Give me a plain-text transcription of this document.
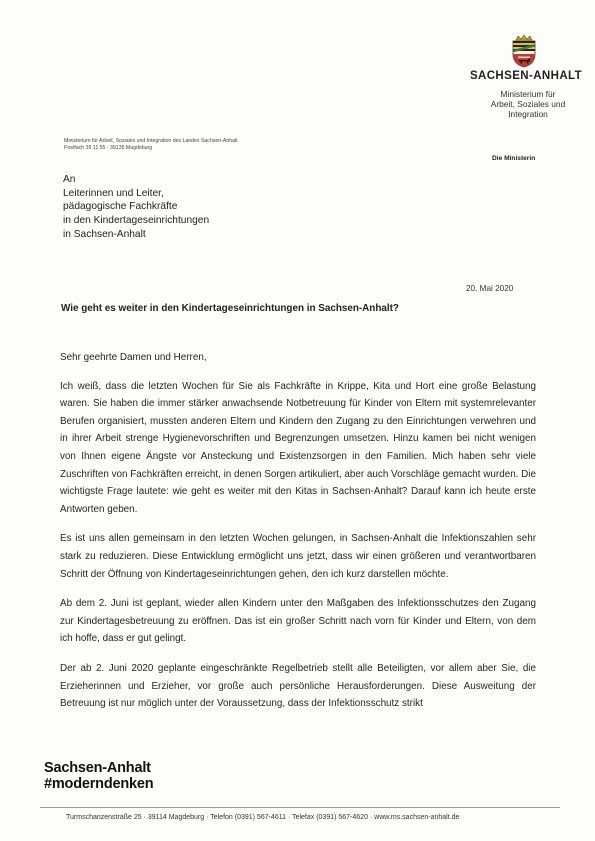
SACHSEN-ANHALT
Ministerium für
Arbeit, Soziales und
Integration
Ministerium für Arbeit, Soziales und Integration des Landes Sachsen-Anhalt
Postfach 39 11 55 · 39135 Magdeburg
Die Ministerin
An
Leiterinnen und Leiter,
pädagogische Fachkräfte
in den Kindertageseinrichtungen
in Sachsen-Anhalt
20. Mai 2020
Wie geht es weiter in den Kindertageseinrichtungen in Sachsen-Anhalt?

Sehr geehrte Damen und Herren,

Ich weiß, dass die letzten Wochen für Sie als Fachkräfte in Krippe, Kita und Hort eine große Belastung waren. Sie haben die immer stärker anwachsende Notbetreuung für Kinder von Eltern mit systemrelevanter Berufen organisiert, mussten anderen Eltern und Kindern den Zugang zu den Einrichtungen verwehren und in ihrer Arbeit strenge Hygienevorschriften und Begrenzungen umsetzen. Hinzu kamen bei nicht wenigen von Ihnen eigene Ängste vor Ansteckung und Existenzsorgen in den Familien. Mich haben sehr viele Zuschriften von Fachkräften erreicht, in denen Sorgen artikuliert, aber auch Vorschläge gemacht wurden. Die wichtigste Frage lautete: wie geht es weiter mit den Kitas in Sachsen-Anhalt? Darauf kann ich heute erste Antworten geben.

Es ist uns allen gemeinsam in den letzten Wochen gelungen, in Sachsen-Anhalt die Infektionszahlen sehr stark zu reduzieren. Diese Entwicklung ermöglicht uns jetzt, dass wir einen größeren und verantwortbaren Schritt der Öffnung von Kindertageseinrichtungen gehen, den ich kurz darstellen möchte.

Ab dem 2. Juni ist geplant, wieder allen Kindern unter den Maßgaben des Infektionsschutzes den Zugang zur Kindertagesbetreuung zu eröffnen. Das ist ein großer Schritt nach vorn für Kinder und Eltern, von dem ich hoffe, dass er gut gelingt.

Der ab 2. Juni 2020 geplante eingeschränkte Regelbetrieb stellt alle Beteiligten, vor allem aber Sie, die Erzieherinnen und Erzieher, vor große auch persönliche Herausforderungen. Diese Ausweitung der Betreuung ist nur möglich unter der Voraussetzung, dass der Infektionsschutz strikt

Sachsen-Anhalt
#moderndenken
Turmschanzenstraße 25 · 39114 Magdeburg · Telefon (0391) 567-4611 · Telefax (0391) 567-4620 · www.ms.sachsen-anhalt.de
